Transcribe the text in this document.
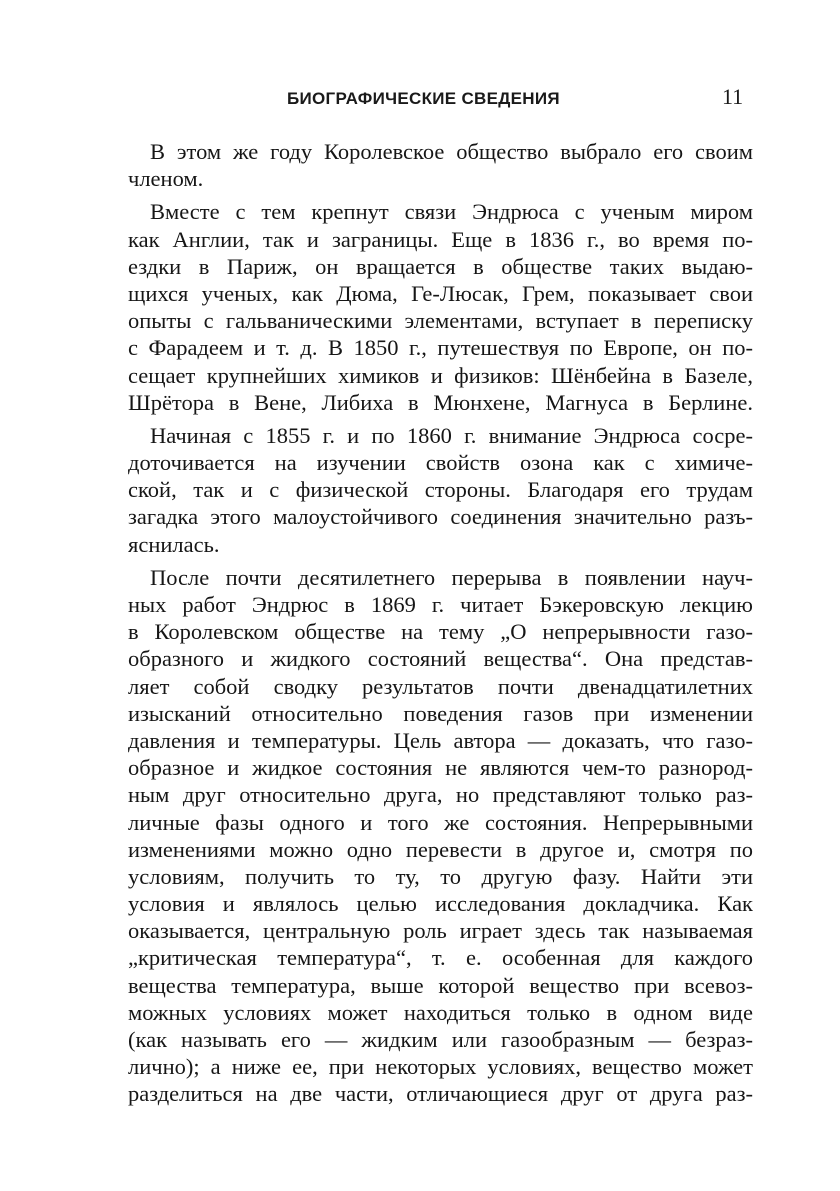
БИОГРАФИЧЕСКИЕ СВЕДЕНИЯ	11
В этом же году Королевское общество выбрало его своим
членом.
Вместе с тем крепнут связи Эндрюса с ученым миром
как Англии, так и заграницы. Еще в 1836 г., во время по-
ездки в Париж, он вращается в обществе таких выдаю-
щихся ученых, как Дюма, Ге-Люсак, Грем, показывает свои
опыты с гальваническими элементами, вступает в переписку
с Фарадеем и т. д. В 1850 г., путешествуя по Европе, он по-
сещает крупнейших химиков и физиков: Шёнбейна в Базеле,
Шрётора в Вене, Либиха в Мюнхене, Магнуса в Берлине.
Начиная с 1855 г. и по 1860 г. внимание Эндрюса сосре-
доточивается на изучении свойств озона как с химиче-
ской, так и с физической стороны. Благодаря его трудам
загадка этого малоустойчивого соединения значительно разъ-
яснилась.
После почти десятилетнего перерыва в появлении науч-
ных работ Эндрюс в 1869 г. читает Бэкеровскую лекцию
в Королевском обществе на тему „О непрерывности газо-
образного и жидкого состояний вещества“. Она представ-
ляет собой сводку результатов почти двенадцатилетних
изысканий относительно поведения газов при изменении
давления и температуры. Цель автора — доказать, что газо-
образное и жидкое состояния не являются чем-то разнород-
ным друг относительно друга, но представляют только раз-
личные фазы одного и того же состояния. Непрерывными
изменениями можно одно перевести в другое и, смотря по
условиям, получить то ту, то другую фазу. Найти эти
условия и являлось целью исследования докладчика. Как
оказывается, центральную роль играет здесь так называемая
„критическая температура“, т. е. особенная для каждого
вещества температура, выше которой вещество при всевоз-
можных условиях может находиться только в одном виде
(как называть его — жидким или газообразным — безраз-
лично); а ниже ее, при некоторых условиях, вещество может
разделиться на две части, отличающиеся друг от друга раз-
